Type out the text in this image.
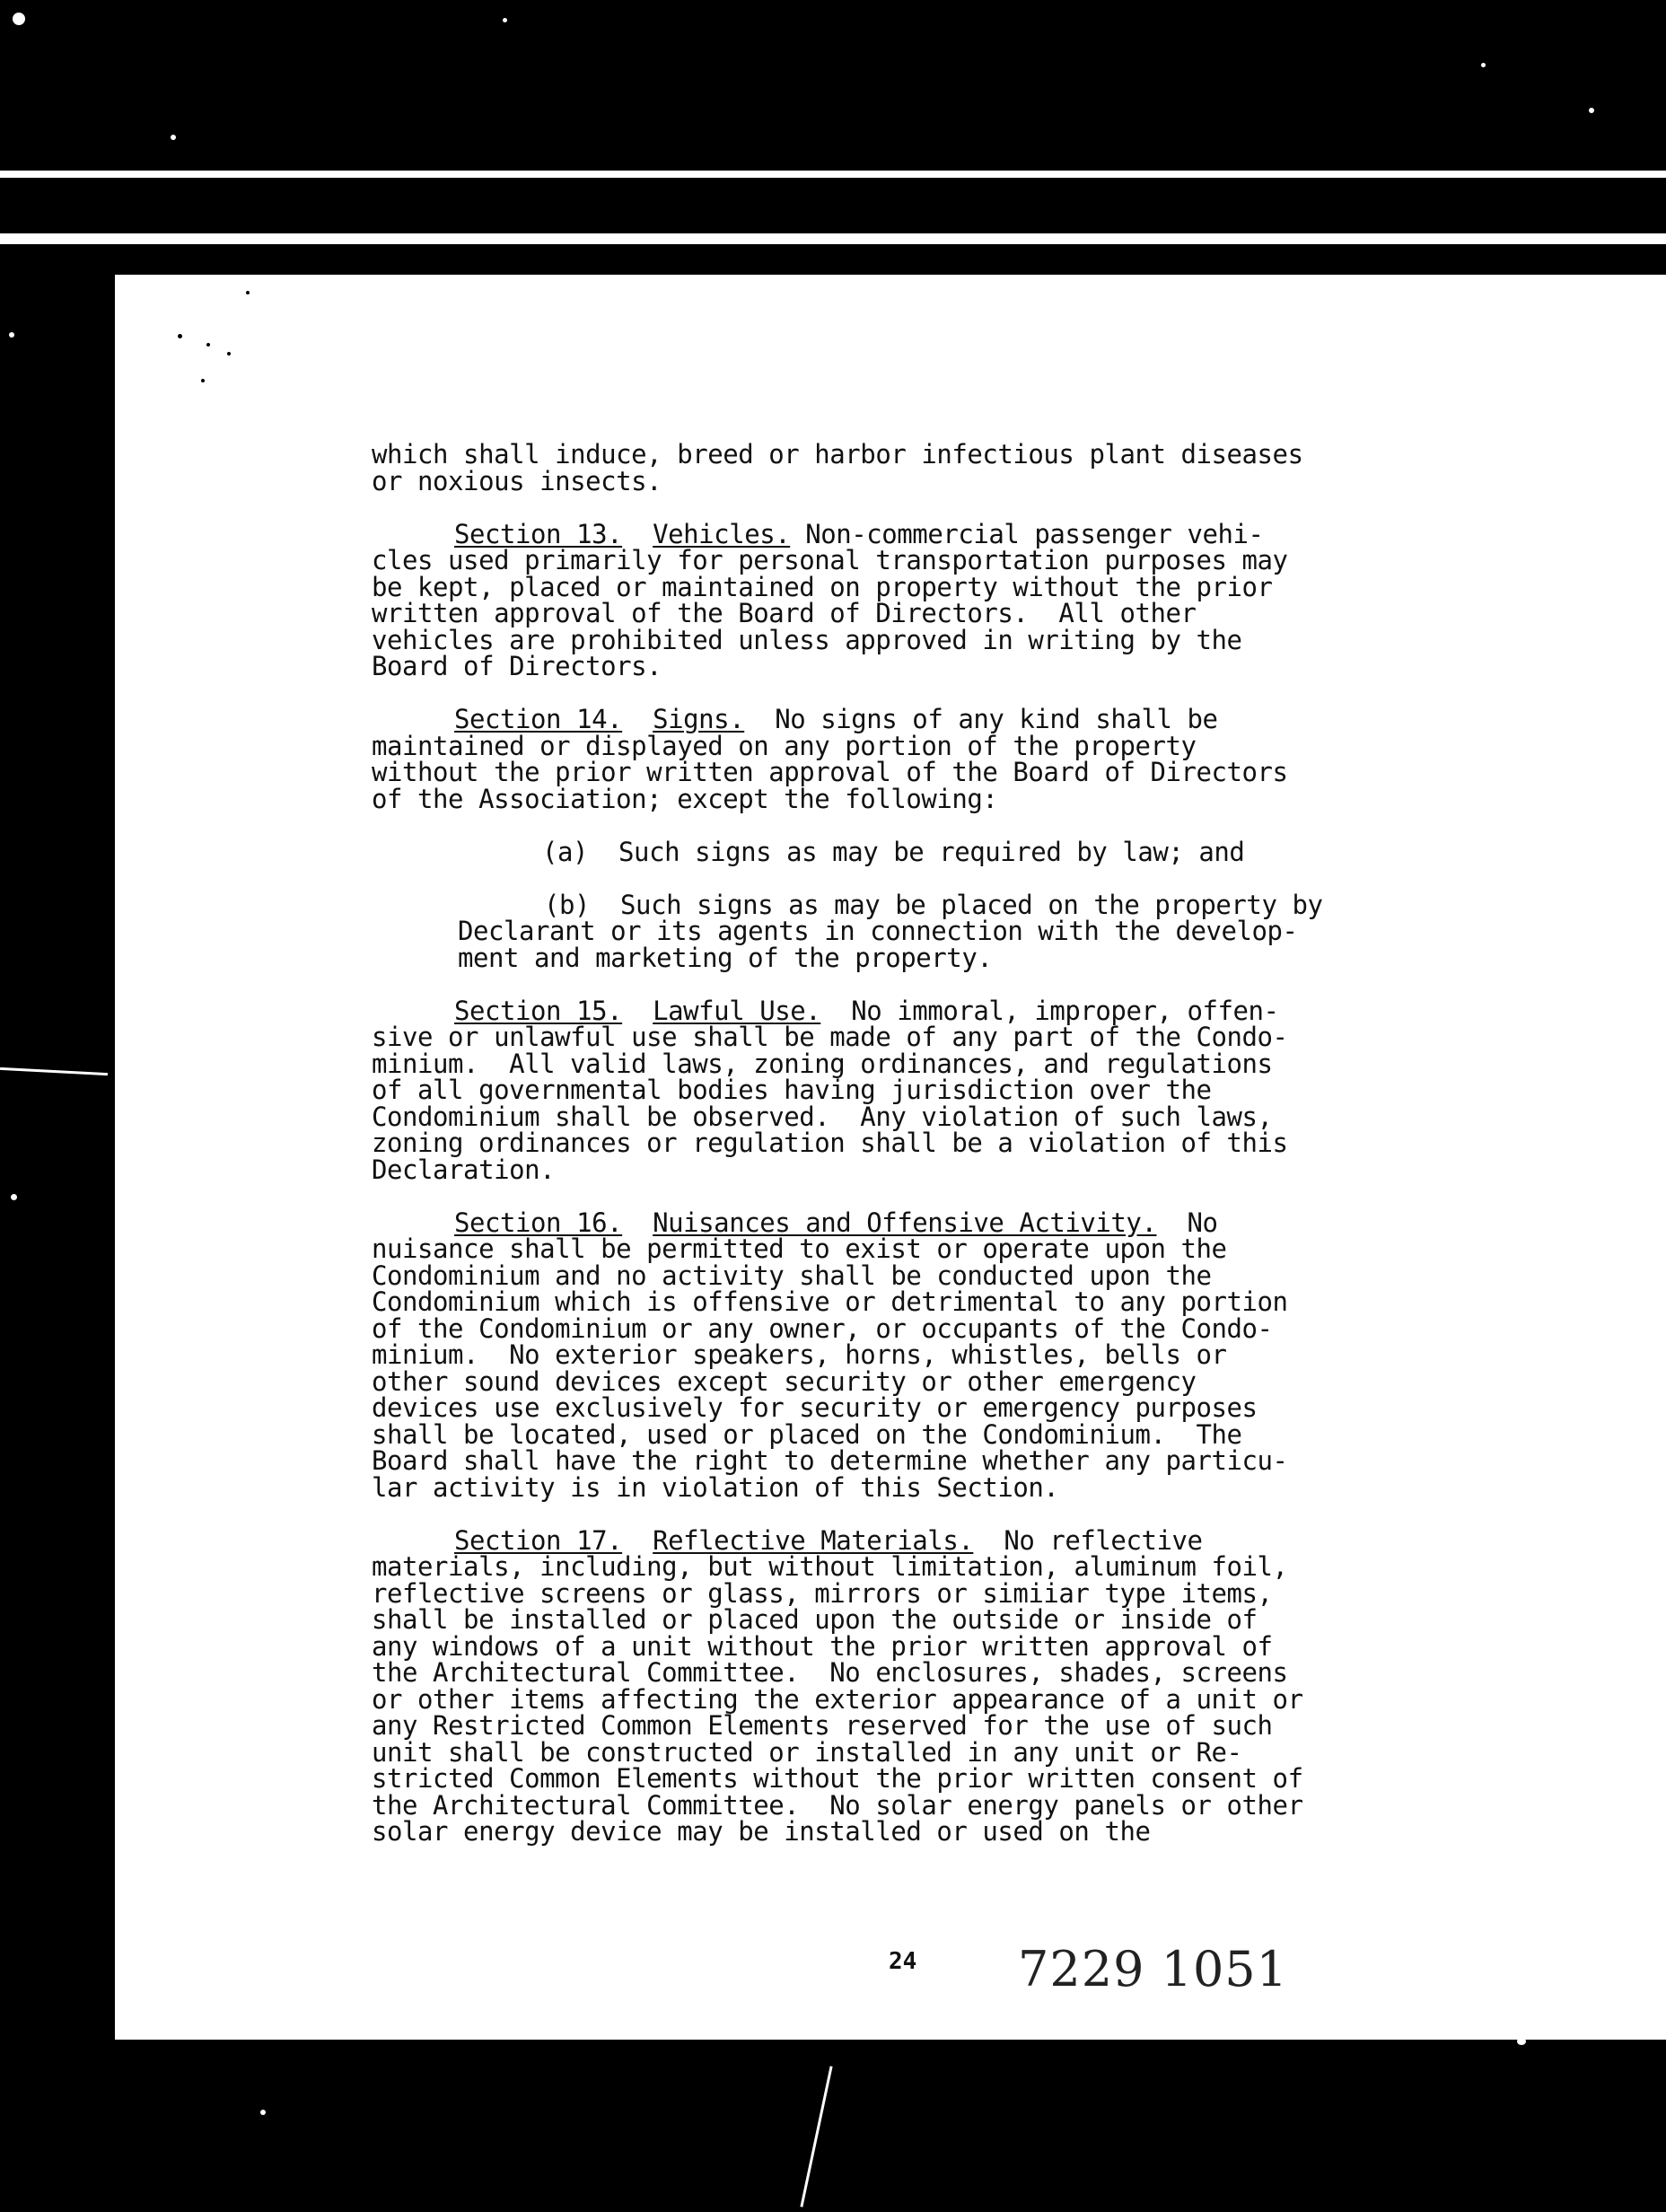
which shall induce, breed or harbor infectious plant diseases
or noxious insects.

Section 13. Vehicles. Non-commercial passenger vehi-
cles used primarily for personal transportation purposes may
be kept, placed or maintained on property without the prior
written approval of the Board of Directors.  All other
vehicles are prohibited unless approved in writing by the
Board of Directors.

Section 14. Signs.  No signs of any kind shall be
maintained or displayed on any portion of the property
without the prior written approval of the Board of Directors
of the Association; except the following:

(a)  Such signs as may be required by law; and

(b)  Such signs as may be placed on the property by
Declarant or its agents in connection with the develop-
ment and marketing of the property.

Section 15. Lawful Use.  No immoral, improper, offen-
sive or unlawful use shall be made of any part of the Condo-
minium.  All valid laws, zoning ordinances, and regulations
of all governmental bodies having jurisdiction over the
Condominium shall be observed.  Any violation of such laws,
zoning ordinances or regulation shall be a violation of this
Declaration.

Section 16. Nuisances and Offensive Activity.  No
nuisance shall be permitted to exist or operate upon the
Condominium and no activity shall be conducted upon the
Condominium which is offensive or detrimental to any portion
of the Condominium or any owner, or occupants of the Condo-
minium.  No exterior speakers, horns, whistles, bells or
other sound devices except security or other emergency
devices use exclusively for security or emergency purposes
shall be located, used or placed on the Condominium.  The
Board shall have the right to determine whether any particu-
lar activity is in violation of this Section.

Section 17. Reflective Materials.  No reflective
materials, including, but without limitation, aluminum foil,
reflective screens or glass, mirrors or simiiar type items,
shall be installed or placed upon the outside or inside of
any windows of a unit without the prior written approval of
the Architectural Committee.  No enclosures, shades, screens
or other items affecting the exterior appearance of a unit or
any Restricted Common Elements reserved for the use of such
unit shall be constructed or installed in any unit or Re-
stricted Common Elements without the prior written consent of
the Architectural Committee.  No solar energy panels or other
solar energy device may be installed or used on the

24 7229 1051
